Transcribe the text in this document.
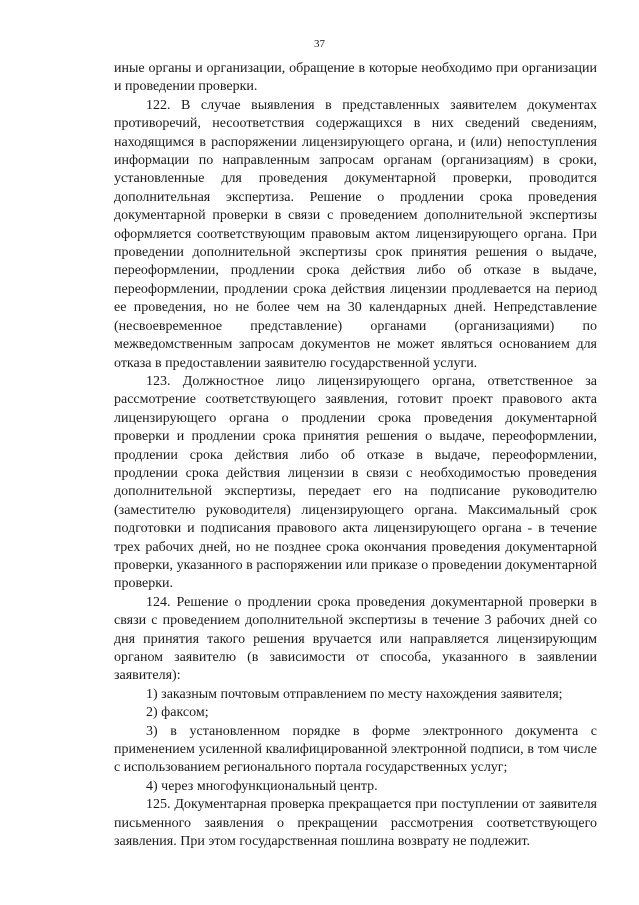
37

иные органы и организации, обращение в которые необходимо при организации и проведении проверки.

122. В случае выявления в представленных заявителем документах противоречий, несоответствия содержащихся в них сведений сведениям, находящимся в распоряжении лицензирующего органа, и (или) непоступления информации по направленным запросам органам (организациям) в сроки, установленные для проведения документарной проверки, проводится дополнительная экспертиза. Решение о продлении срока проведения документарной проверки в связи с проведением дополнительной экспертизы оформляется соответствующим правовым актом лицензирующего органа. При проведении дополнительной экспертизы срок принятия решения о выдаче, переоформлении, продлении срока действия либо об отказе в выдаче, переоформлении, продлении срока действия лицензии продлевается на период ее проведения, но не более чем на 30 календарных дней. Непредставление (несвоевременное представление) органами (организациями) по межведомственным запросам документов не может являться основанием для отказа в предоставлении заявителю государственной услуги.

123. Должностное лицо лицензирующего органа, ответственное за рассмотрение соответствующего заявления, готовит проект правового акта лицензирующего органа о продлении срока проведения документарной проверки и продлении срока принятия решения о выдаче, переоформлении, продлении срока действия либо об отказе в выдаче, переоформлении, продлении срока действия лицензии в связи с необходимостью проведения дополнительной экспертизы, передает его на подписание руководителю (заместителю руководителя) лицензирующего органа. Максимальный срок подготовки и подписания правового акта лицензирующего органа - в течение трех рабочих дней, но не позднее срока окончания проведения документарной проверки, указанного в распоряжении или приказе о проведении документарной проверки.

124. Решение о продлении срока проведения документарной проверки в связи с проведением дополнительной экспертизы в течение 3 рабочих дней со дня принятия такого решения вручается или направляется лицензирующим органом заявителю (в зависимости от способа, указанного в заявлении заявителя):

1) заказным почтовым отправлением по месту нахождения заявителя;

2) факсом;

3) в установленном порядке в форме электронного документа с применением усиленной квалифицированной электронной подписи, в том числе с использованием регионального портала государственных услуг;

4) через многофункциональный центр.

125. Документарная проверка прекращается при поступлении от заявителя письменного заявления о прекращении рассмотрения соответствующего заявления. При этом государственная пошлина возврату не подлежит.
